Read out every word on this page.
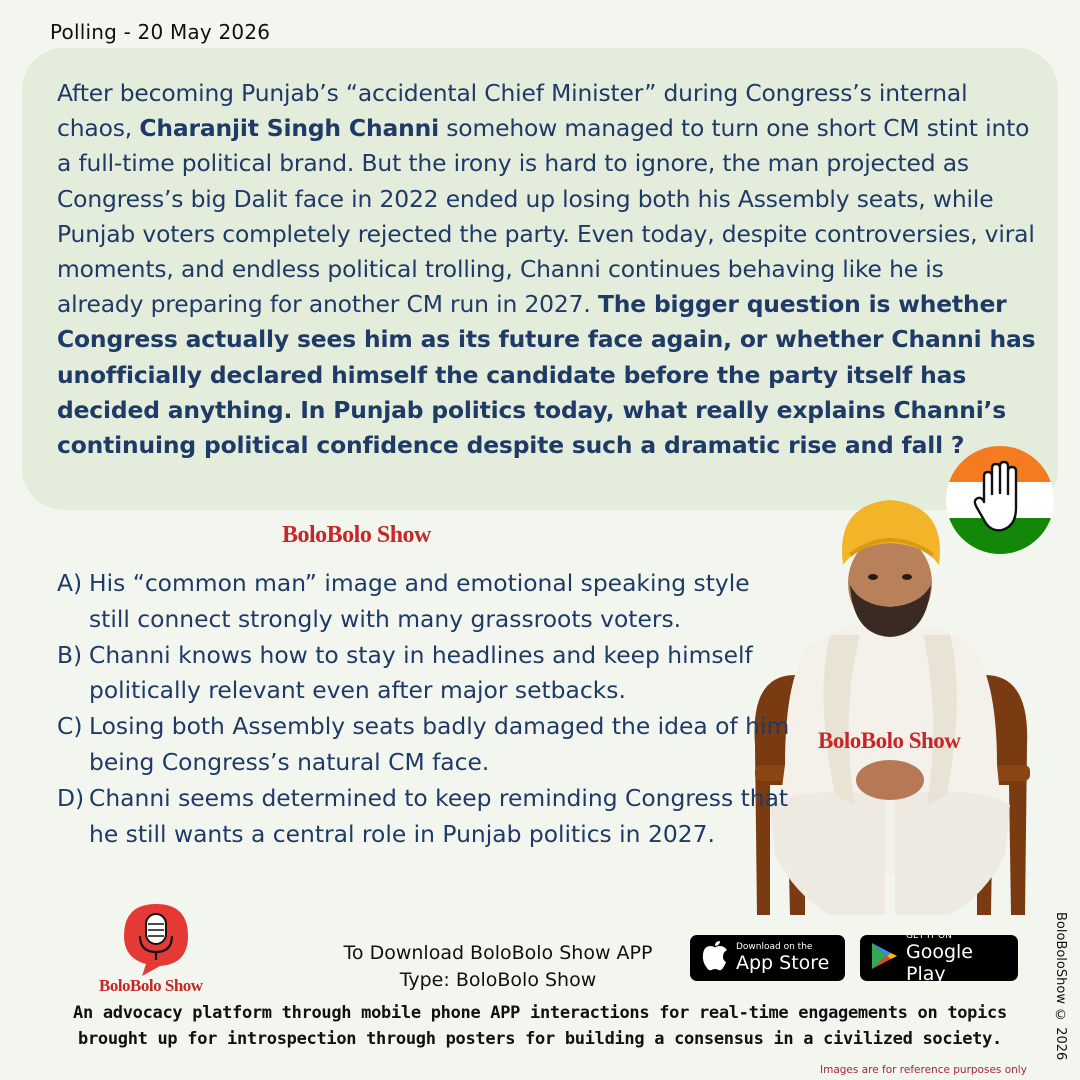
Polling - 20 May 2026

After becoming Punjab’s “accidental Chief Minister” during Congress’s internal chaos, Charanjit Singh Channi somehow managed to turn one short CM stint into a full-time political brand. But the irony is hard to ignore, the man projected as Congress’s big Dalit face in 2022 ended up losing both his Assembly seats, while Punjab voters completely rejected the party. Even today, despite controversies, viral moments, and endless political trolling, Channi continues behaving like he is already preparing for another CM run in 2027. The bigger question is whether Congress actually sees him as its future face again, or whether Channi has unofficially declared himself the candidate before the party itself has decided anything. In Punjab politics today, what really explains Channi’s continuing political confidence despite such a dramatic rise and fall ?

BoloBolo Show
BoloBolo Show
A) His “common man” image and emotional speaking style still connect strongly with many grassroots voters.
B) Channi knows how to stay in headlines and keep himself politically relevant even after major setbacks.
C) Losing both Assembly seats badly damaged the idea of him being Congress’s natural CM face.
D) Channi seems determined to keep reminding Congress that he still wants a central role in Punjab politics in 2027.
BoloBolo Show
To Download BoloBolo Show APP
Type: BoloBolo Show
Download on the
App Store
GET IT ON
Google Play
An advocacy platform through mobile phone APP interactions for real-time engagements on topics
brought up for introspection through posters for building a consensus in a civilized society.	BoloBoloShow © 2026
Images are for reference purposes only
